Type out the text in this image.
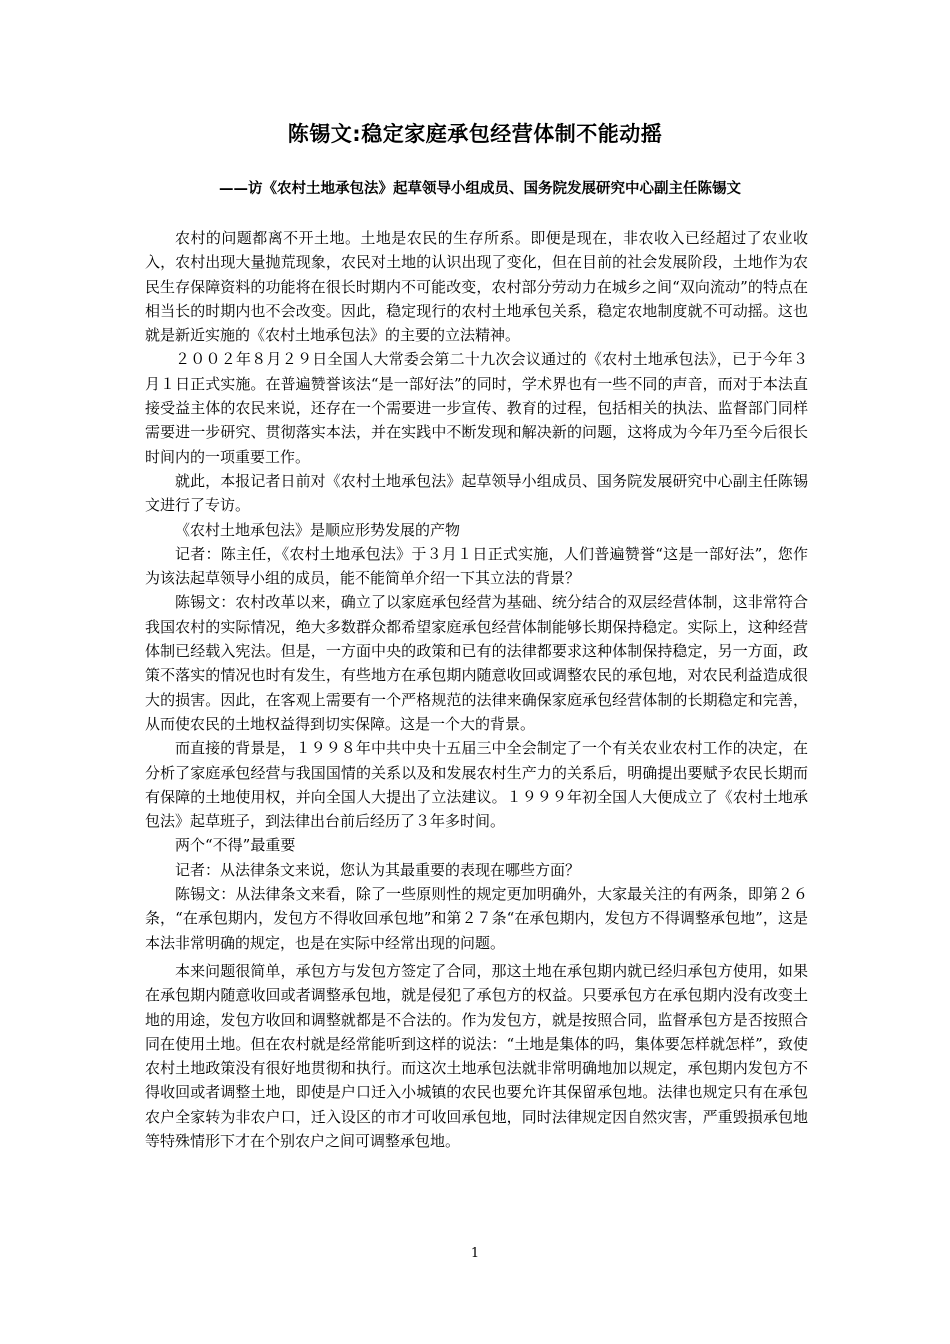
陈锡文:稳定家庭承包经营体制不能动摇
——访《农村土地承包法》起草领导小组成员、国务院发展研究中心副主任陈锡文

农村的问题都离不开土地。土地是农民的生存所系。即便是现在，非农收入已经超过了农业收入，农村出现大量抛荒现象，农民对土地的认识出现了变化，但在目前的社会发展阶段，土地作为农民生存保障资料的功能将在很长时期内不可能改变，农村部分劳动力在城乡之间“双向流动”的特点在相当长的时期内也不会改变。因此，稳定现行的农村土地承包关系，稳定农地制度就不可动摇。这也就是新近实施的《农村土地承包法》的主要的立法精神。

２００２年８月２９日全国人大常委会第二十九次会议通过的《农村土地承包法》，已于今年３月１日正式实施。在普遍赞誉该法“是一部好法”的同时，学术界也有一些不同的声音，而对于本法直接受益主体的农民来说，还存在一个需要进一步宣传、教育的过程，包括相关的执法、监督部门同样需要进一步研究、贯彻落实本法，并在实践中不断发现和解决新的问题，这将成为今年乃至今后很长时间内的一项重要工作。

就此，本报记者日前对《农村土地承包法》起草领导小组成员、国务院发展研究中心副主任陈锡文进行了专访。

《农村土地承包法》是顺应形势发展的产物

记者：陈主任，《农村土地承包法》于３月１日正式实施，人们普遍赞誉“这是一部好法”，您作为该法起草领导小组的成员，能不能简单介绍一下其立法的背景？

陈锡文：农村改革以来，确立了以家庭承包经营为基础、统分结合的双层经营体制，这非常符合我国农村的实际情况，绝大多数群众都希望家庭承包经营体制能够长期保持稳定。实际上，这种经营体制已经载入宪法。但是，一方面中央的政策和已有的法律都要求这种体制保持稳定，另一方面，政策不落实的情况也时有发生，有些地方在承包期内随意收回或调整农民的承包地，对农民利益造成很大的损害。因此，在客观上需要有一个严格规范的法律来确保家庭承包经营体制的长期稳定和完善，从而使农民的土地权益得到切实保障。这是一个大的背景。

而直接的背景是，１９９８年中共中央十五届三中全会制定了一个有关农业农村工作的决定，在分析了家庭承包经营与我国国情的关系以及和发展农村生产力的关系后，明确提出要赋予农民长期而有保障的土地使用权，并向全国人大提出了立法建议。１９９９年初全国人大便成立了《农村土地承包法》起草班子，到法律出台前后经历了３年多时间。

两个“不得”最重要

记者：从法律条文来说，您认为其最重要的表现在哪些方面？

陈锡文：从法律条文来看，除了一些原则性的规定更加明确外，大家最关注的有两条，即第２６条，“在承包期内，发包方不得收回承包地”和第２７条“在承包期内，发包方不得调整承包地”，这是本法非常明确的规定，也是在实际中经常出现的问题。

本来问题很简单，承包方与发包方签定了合同，那这土地在承包期内就已经归承包方使用，如果在承包期内随意收回或者调整承包地，就是侵犯了承包方的权益。只要承包方在承包期内没有改变土地的用途，发包方收回和调整就都是不合法的。作为发包方，就是按照合同，监督承包方是否按照合同在使用土地。但在农村就是经常能听到这样的说法：“土地是集体的吗，集体要怎样就怎样”，致使农村土地政策没有很好地贯彻和执行。而这次土地承包法就非常明确地加以规定，承包期内发包方不得收回或者调整土地，即使是户口迁入小城镇的农民也要允许其保留承包地。法律也规定只有在承包农户全家转为非农户口，迁入设区的市才可收回承包地，同时法律规定因自然灾害，严重毁损承包地等特殊情形下才在个别农户之间可调整承包地。

1
